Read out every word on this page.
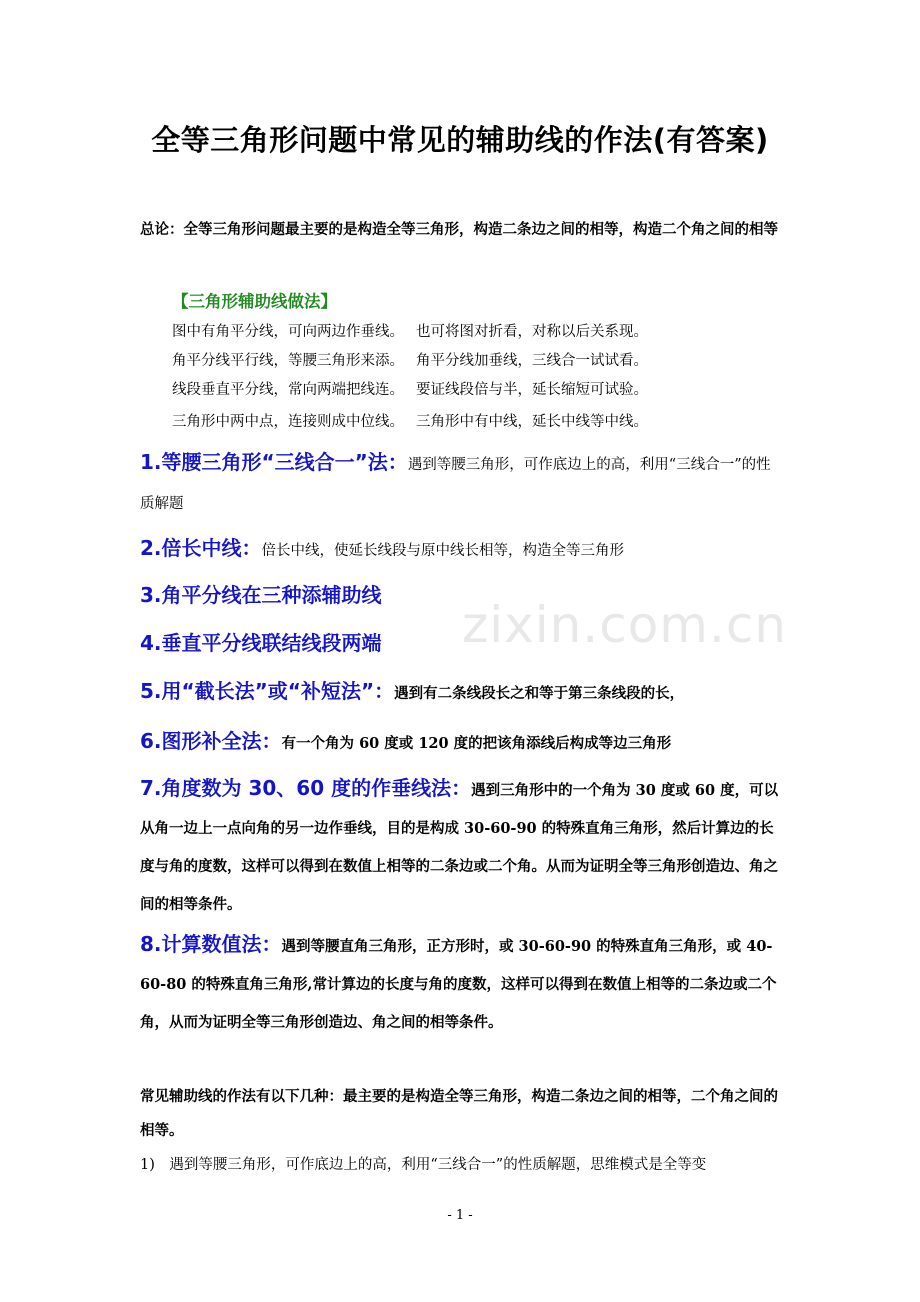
zixin.com.cn
全等三角形问题中常见的辅助线的作法(有答案)
总论：全等三角形问题最主要的是构造全等三角形，构造二条边之间的相等，构造二个角之间的相等
【三角形辅助线做法】
图中有角平分线，可向两边作垂线。 也可将图对折看，对称以后关系现。
角平分线平行线，等腰三角形来添。 角平分线加垂线，三线合一试试看。
线段垂直平分线，常向两端把线连。 要证线段倍与半，延长缩短可试验。
三角形中两中点，连接则成中位线。 三角形中有中线，延长中线等中线。
1.等腰三角形“三线合一”法：遇到等腰三角形，可作底边上的高，利用“三线合一”的性质解题
2.倍长中线：倍长中线，使延长线段与原中线长相等，构造全等三角形
3.角平分线在三种添辅助线
4.垂直平分线联结线段两端
5.用“截长法”或“补短法”：遇到有二条线段长之和等于第三条线段的长，
6.图形补全法：有一个角为 60 度或 120 度的把该角添线后构成等边三角形
7.角度数为 30、60 度的作垂线法：遇到三角形中的一个角为 30 度或 60 度，可以从角一边上一点向角的另一边作垂线，目的是构成 30-60-90 的特殊直角三角形，然后计算边的长度与角的度数，这样可以得到在数值上相等的二条边或二个角。从而为证明全等三角形创造边、角之间的相等条件。
8.计算数值法：遇到等腰直角三角形，正方形时，或 30-60-90 的特殊直角三角形，或 40-60-80 的特殊直角三角形,常计算边的长度与角的度数，这样可以得到在数值上相等的二条边或二个角，从而为证明全等三角形创造边、角之间的相等条件。
常见辅助线的作法有以下几种：最主要的是构造全等三角形，构造二条边之间的相等，二个角之间的相等。
1)　遇到等腰三角形，可作底边上的高，利用“三线合一”的性质解题，思维模式是全等变
- 1 -
